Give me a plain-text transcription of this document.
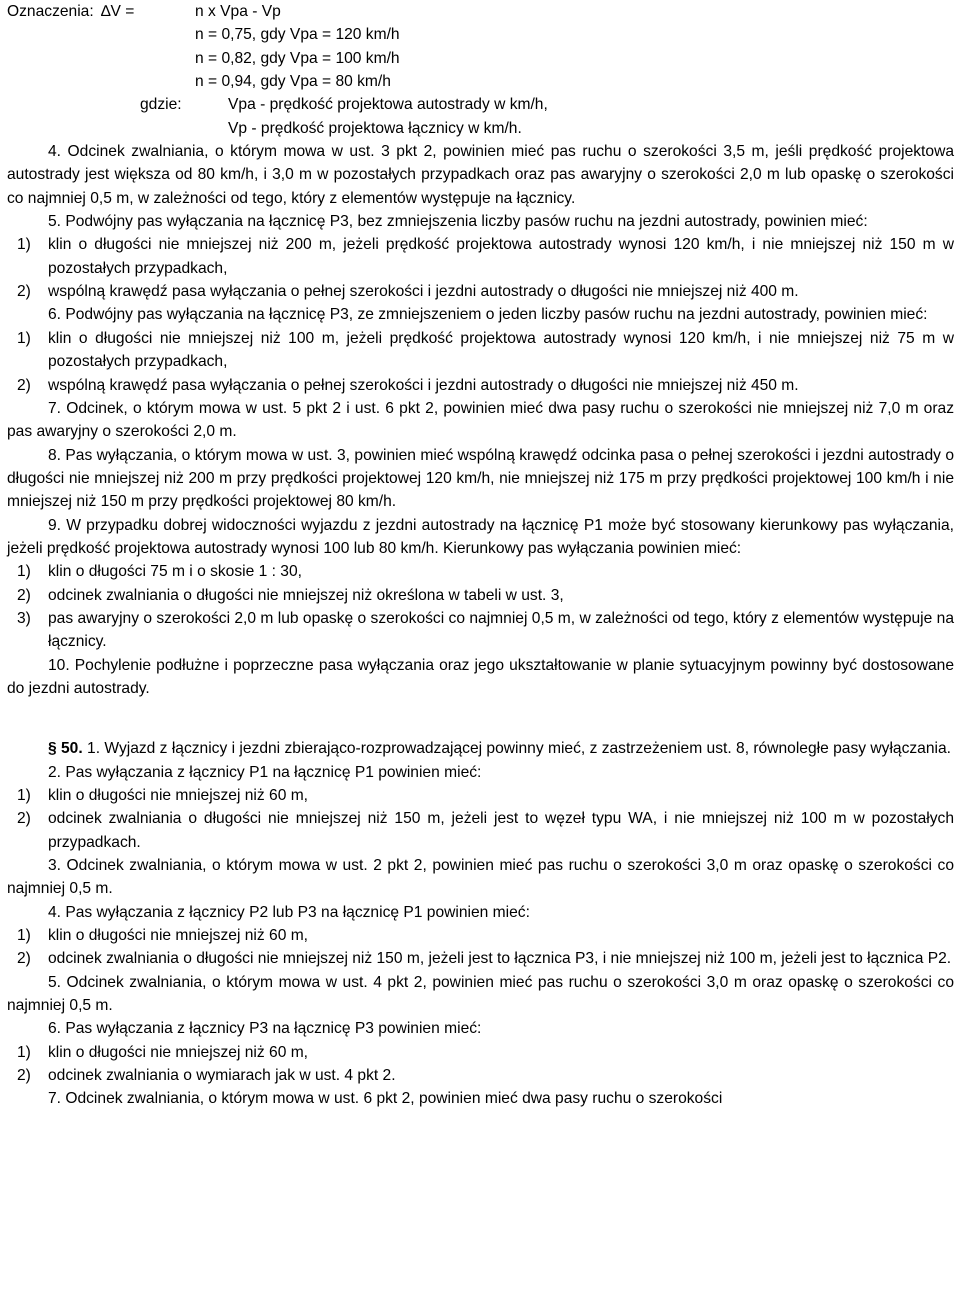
Oznaczenia: ∆V =	n x Vpa - Vp
n = 0,75, gdy Vpa = 120 km/h
n = 0,82, gdy Vpa = 100 km/h
n = 0,94, gdy Vpa = 80 km/h
gdzie:	Vpa - prędkość projektowa autostrady w km/h,
Vp - prędkość projektowa łącznicy w km/h.

4. Odcinek zwalniania, o którym mowa w ust. 3 pkt 2, powinien mieć pas ruchu o szerokości 3,5 m, jeśli prędkość projektowa autostrady jest większa od 80 km/h, i 3,0 m w pozostałych przypadkach oraz pas awaryjny o szerokości 2,0 m lub opaskę o szerokości co najmniej 0,5 m, w zależności od tego, który z elementów występuje na łącznicy.

5. Podwójny pas wyłączania na łącznicę P3, bez zmniejszenia liczby pasów ruchu na jezdni autostrady, powinien mieć:

1) klin o długości nie mniejszej niż 200 m, jeżeli prędkość projektowa autostrady wynosi 120 km/h, i nie mniejszej niż 150 m w pozostałych przypadkach,
2) wspólną krawędź pasa wyłączania o pełnej szerokości i jezdni autostrady o długości nie mniejszej niż 400 m.

6. Podwójny pas wyłączania na łącznicę P3, ze zmniejszeniem o jeden liczby pasów ruchu na jezdni autostrady, powinien mieć:

1) klin o długości nie mniejszej niż 100 m, jeżeli prędkość projektowa autostrady wynosi 120 km/h, i nie mniejszej niż 75 m w pozostałych przypadkach,
2) wspólną krawędź pasa wyłączania o pełnej szerokości i jezdni autostrady o długości nie mniejszej niż 450 m.

7. Odcinek, o którym mowa w ust. 5 pkt 2 i ust. 6 pkt 2, powinien mieć dwa pasy ruchu o szerokości nie mniejszej niż 7,0 m oraz pas awaryjny o szerokości 2,0 m.

8. Pas wyłączania, o którym mowa w ust. 3, powinien mieć wspólną krawędź odcinka pasa o pełnej szerokości i jezdni autostrady o długości nie mniejszej niż 200 m przy prędkości projektowej 120 km/h, nie mniejszej niż 175 m przy prędkości projektowej 100 km/h i nie mniejszej niż 150 m przy prędkości projektowej 80 km/h.

9. W przypadku dobrej widoczności wyjazdu z jezdni autostrady na łącznicę P1 może być stosowany kierunkowy pas wyłączania, jeżeli prędkość projektowa autostrady wynosi 100 lub 80 km/h. Kierunkowy pas wyłączania powinien mieć:

1) klin o długości 75 m i o skosie 1 : 30,
2) odcinek zwalniania o długości nie mniejszej niż określona w tabeli w ust. 3,
3) pas awaryjny o szerokości 2,0 m lub opaskę o szerokości co najmniej 0,5 m, w zależności od tego, który z elementów występuje na łącznicy.

10. Pochylenie podłużne i poprzeczne pasa wyłączania oraz jego ukształtowanie w planie sytuacyjnym powinny być dostosowane do jezdni autostrady.

§ 50. 1. Wyjazd z łącznicy i jezdni zbierająco-rozprowadzającej powinny mieć, z zastrzeżeniem ust. 8, równoległe pasy wyłączania.

2. Pas wyłączania z łącznicy P1 na łącznicę P1 powinien mieć:

1) klin o długości nie mniejszej niż 60 m,
2) odcinek zwalniania o długości nie mniejszej niż 150 m, jeżeli jest to węzeł typu WA, i nie mniejszej niż 100 m w pozostałych przypadkach.

3. Odcinek zwalniania, o którym mowa w ust. 2 pkt 2, powinien mieć pas ruchu o szerokości 3,0 m oraz opaskę o szerokości co najmniej 0,5 m.

4. Pas wyłączania z łącznicy P2 lub P3 na łącznicę P1 powinien mieć:

1) klin o długości nie mniejszej niż 60 m,
2) odcinek zwalniania o długości nie mniejszej niż 150 m, jeżeli jest to łącznica P3, i nie mniejszej niż 100 m, jeżeli jest to łącznica P2.

5. Odcinek zwalniania, o którym mowa w ust. 4 pkt 2, powinien mieć pas ruchu o szerokości 3,0 m oraz opaskę o szerokości co najmniej 0,5 m.

6. Pas wyłączania z łącznicy P3 na łącznicę P3 powinien mieć:

1) klin o długości nie mniejszej niż 60 m,
2) odcinek zwalniania o wymiarach jak w ust. 4 pkt 2.

7. Odcinek zwalniania, o którym mowa w ust. 6 pkt 2, powinien mieć dwa pasy ruchu o szerokości
